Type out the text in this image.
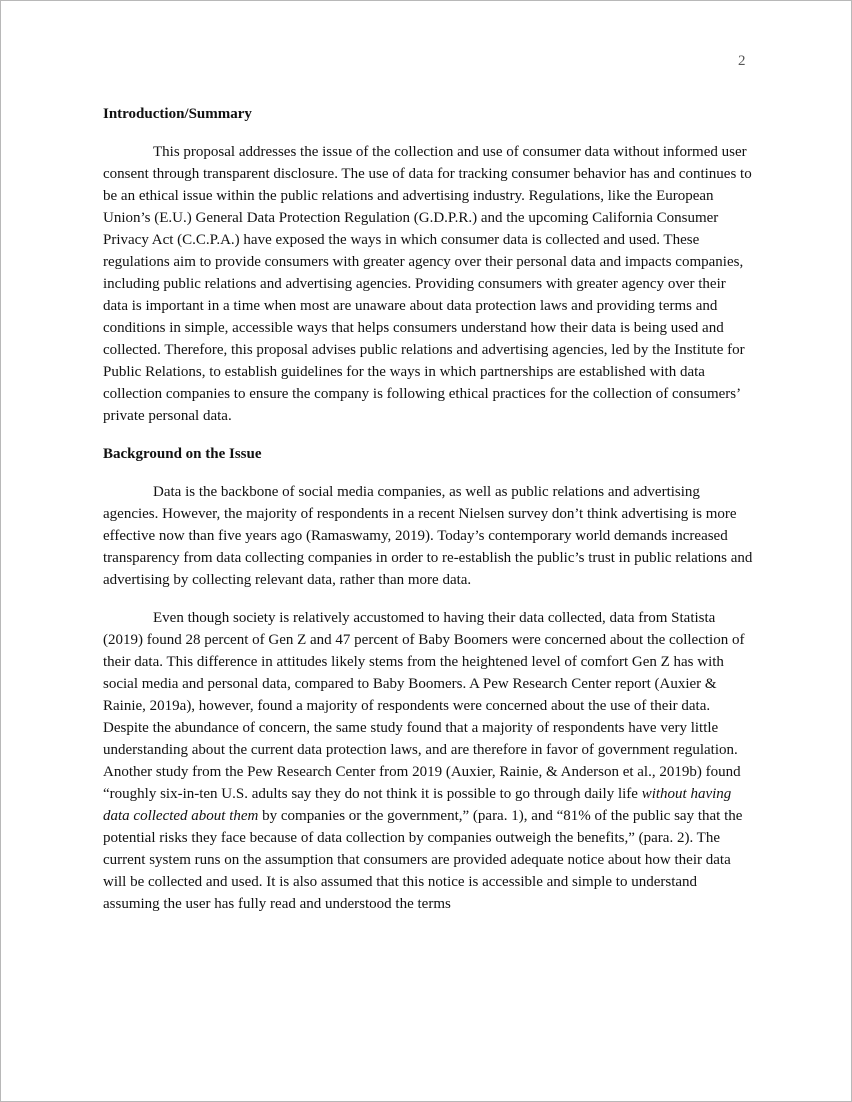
2
Introduction/Summary

This proposal addresses the issue of the collection and use of consumer data without informed user consent through transparent disclosure. The use of data for tracking consumer behavior has and continues to be an ethical issue within the public relations and advertising industry. Regulations, like the European Union’s (E.U.) General Data Protection Regulation (G.D.P.R.) and the upcoming California Consumer Privacy Act (C.C.P.A.) have exposed the ways in which consumer data is collected and used. These regulations aim to provide consumers with greater agency over their personal data and impacts companies, including public relations and advertising agencies. Providing consumers with greater agency over their data is important in a time when most are unaware about data protection laws and providing terms and conditions in simple, accessible ways that helps consumers understand how their data is being used and collected. Therefore, this proposal advises public relations and advertising agencies, led by the Institute for Public Relations, to establish guidelines for the ways in which partnerships are established with data collection companies to ensure the company is following ethical practices for the collection of consumers’ private personal data.

Background on the Issue

Data is the backbone of social media companies, as well as public relations and advertising agencies. However, the majority of respondents in a recent Nielsen survey don’t think advertising is more effective now than five years ago (Ramaswamy, 2019). Today’s contemporary world demands increased transparency from data collecting companies in order to re-establish the public’s trust in public relations and advertising by collecting relevant data, rather than more data.

Even though society is relatively accustomed to having their data collected, data from Statista (2019) found 28 percent of Gen Z and 47 percent of Baby Boomers were concerned about the collection of their data. This difference in attitudes likely stems from the heightened level of comfort Gen Z has with social media and personal data, compared to Baby Boomers. A Pew Research Center report (Auxier & Rainie, 2019a), however, found a majority of respondents were concerned about the use of their data. Despite the abundance of concern, the same study found that a majority of respondents have very little understanding about the current data protection laws, and are therefore in favor of government regulation. Another study from the Pew Research Center from 2019 (Auxier, Rainie, & Anderson et al., 2019b) found “roughly six-in-ten U.S. adults say they do not think it is possible to go through daily life without having data collected about them by companies or the government,” (para. 1), and “81% of the public say that the potential risks they face because of data collection by companies outweigh the benefits,” (para. 2). The current system runs on the assumption that consumers are provided adequate notice about how their data will be collected and used. It is also assumed that this notice is accessible and simple to understand assuming the user has fully read and understood the terms
